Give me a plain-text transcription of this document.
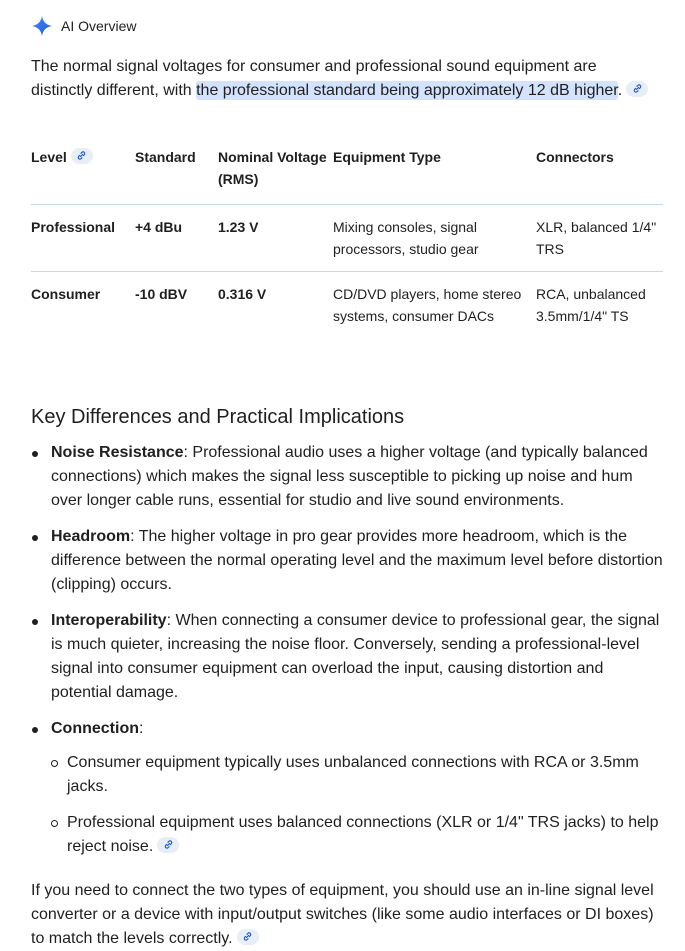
AI Overview

The normal signal voltages for consumer and professional sound equipment are distinctly different, with the professional standard being approximately 12 dB higher.

Level	Standard	Nominal Voltage (RMS)	Equipment Type	Connectors
Professional	+4 dBu	1.23 V	Mixing consoles, signal processors, studio gear	XLR, balanced 1/4" TRS
Consumer	-10 dBV	0.316 V	CD/DVD players, home stereo systems, consumer DACs	RCA, unbalanced 3.5mm/1/4" TS
Key Differences and Practical Implications
Noise Resistance: Professional audio uses a higher voltage (and typically balanced connections) which makes the signal less susceptible to picking up noise and hum over longer cable runs, essential for studio and live sound environments.
Headroom: The higher voltage in pro gear provides more headroom, which is the difference between the normal operating level and the maximum level before distortion (clipping) occurs.
Interoperability: When connecting a consumer device to professional gear, the signal is much quieter, increasing the noise floor. Conversely, sending a professional-level signal into consumer equipment can overload the input, causing distortion and potential damage.
Connection:
Consumer equipment typically uses unbalanced connections with RCA or 3.5mm jacks.
Professional equipment uses balanced connections (XLR or 1/4" TRS jacks) to help reject noise.

If you need to connect the two types of equipment, you should use an in-line signal level converter or a device with input/output switches (like some audio interfaces or DI boxes) to match the levels correctly.
